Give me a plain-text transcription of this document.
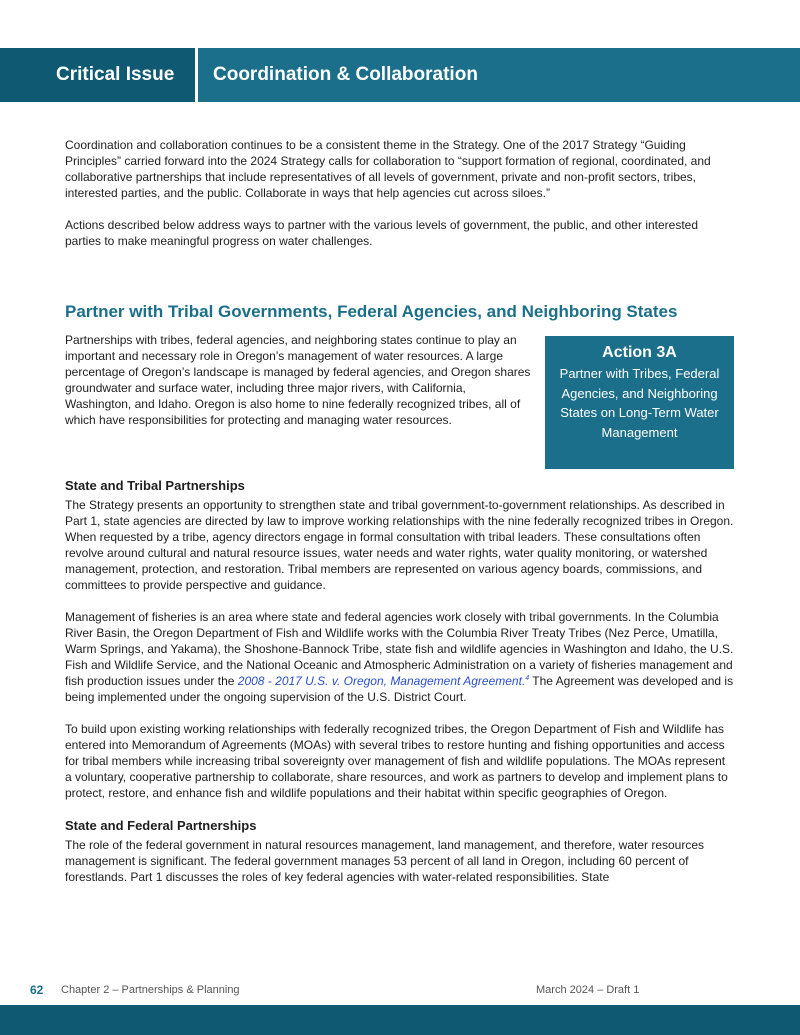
Critical Issue	Coordination & Collaboration

Coordination and collaboration continues to be a consistent theme in the Strategy. One of the 2017 Strategy “Guiding Principles” carried forward into the 2024 Strategy calls for collaboration to “support formation of regional, coordinated, and collaborative partnerships that include representatives of all levels of government, private and non-profit sectors, tribes, interested parties, and the public. Collaborate in ways that help agencies cut across siloes.”

Actions described below address ways to partner with the various levels of government, the public, and other interested parties to make meaningful progress on water challenges.

Partner with Tribal Governments, Federal Agencies, and Neighboring States
Partnerships with tribes, federal agencies, and neighboring states continue to play an important and necessary role in Oregon’s management of water resources. A large percentage of Oregon’s landscape is managed by federal agencies, and Oregon shares groundwater and surface water, including three major rivers, with California, Washington, and Idaho. Oregon is also home to nine federally recognized tribes, all of which have responsibilities for protecting and managing water resources.
Action 3A
Partner with Tribes, Federal Agencies, and Neighboring States on Long-Term Water Management

State and Tribal Partnerships

The Strategy presents an opportunity to strengthen state and tribal government-to-government relationships. As described in Part 1, state agencies are directed by law to improve working relationships with the nine federally recognized tribes in Oregon. When requested by a tribe, agency directors engage in formal consultation with tribal leaders. These consultations often revolve around cultural and natural resource issues, water needs and water rights, water quality monitoring, or watershed management, protection, and restoration. Tribal members are represented on various agency boards, commissions, and committees to provide perspective and guidance.

Management of fisheries is an area where state and federal agencies work closely with tribal governments. In the Columbia River Basin, the Oregon Department of Fish and Wildlife works with the Columbia River Treaty Tribes (Nez Perce, Umatilla, Warm Springs, and Yakama), the Shoshone-Bannock Tribe, state fish and wildlife agencies in Washington and Idaho, the U.S. Fish and Wildlife Service, and the National Oceanic and Atmospheric Administration on a variety of fisheries management and fish production issues under the 2008 - 2017 U.S. v. Oregon, Management Agreement.$^4$ The Agreement was developed and is being implemented under the ongoing supervision of the U.S. District Court.

To build upon existing working relationships with federally recognized tribes, the Oregon Department of Fish and Wildlife has entered into Memorandum of Agreements (MOAs) with several tribes to restore hunting and fishing opportunities and access for tribal members while increasing tribal sovereignty over management of fish and wildlife populations. The MOAs represent a voluntary, cooperative partnership to collaborate, share resources, and work as partners to develop and implement plans to protect, restore, and enhance fish and wildlife populations and their habitat within specific geographies of Oregon.

State and Federal Partnerships

The role of the federal government in natural resources management, land management, and therefore, water resources management is significant. The federal government manages 53 percent of all land in Oregon, including 60 percent of forestlands. Part 1 discusses the roles of key federal agencies with water-related responsibilities. State

62 Chapter 2 – Partnerships & Planning	March 2024 – Draft 1
